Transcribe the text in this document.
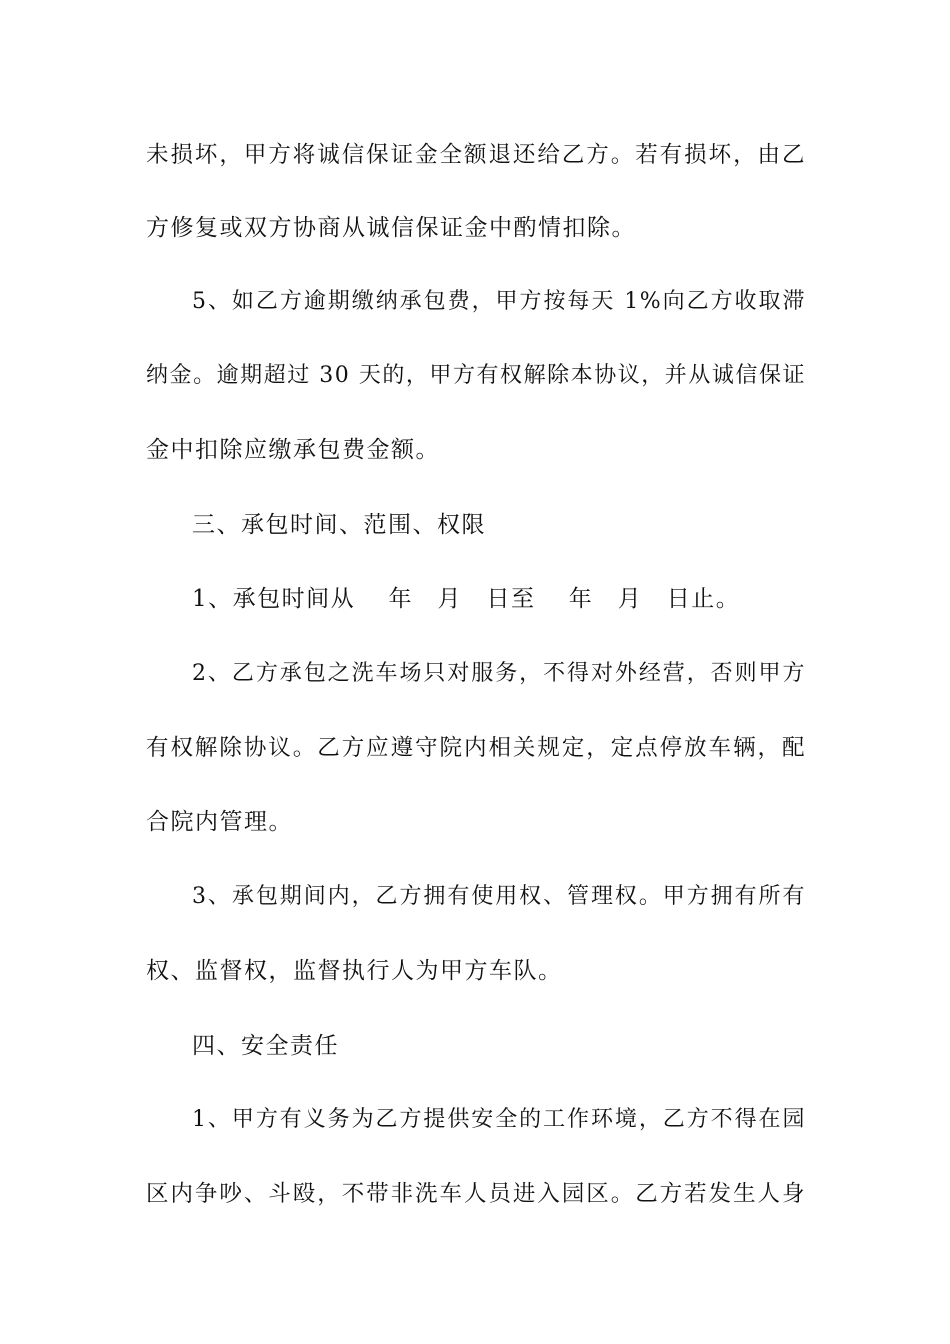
未损坏，甲方将诚信保证金全额退还给乙方。若有损坏，由乙
方修复或双方协商从诚信保证金中酌情扣除。
5、如乙方逾期缴纳承包费，甲方按每天 1%向乙方收取滞
纳金。逾期超过 30 天的，甲方有权解除本协议，并从诚信保证
金中扣除应缴承包费金额。
三、承包时间、范围、权限
1、承包时间从　 年　月　日至　 年　月　日止。
2、乙方承包之洗车场只对服务，不得对外经营，否则甲方
有权解除协议。乙方应遵守院内相关规定，定点停放车辆，配
合院内管理。
3、承包期间内，乙方拥有使用权、管理权。甲方拥有所有
权、监督权，监督执行人为甲方车队。
四、安全责任
1、甲方有义务为乙方提供安全的工作环境，乙方不得在园
区内争吵、斗殴，不带非洗车人员进入园区。乙方若发生人身
